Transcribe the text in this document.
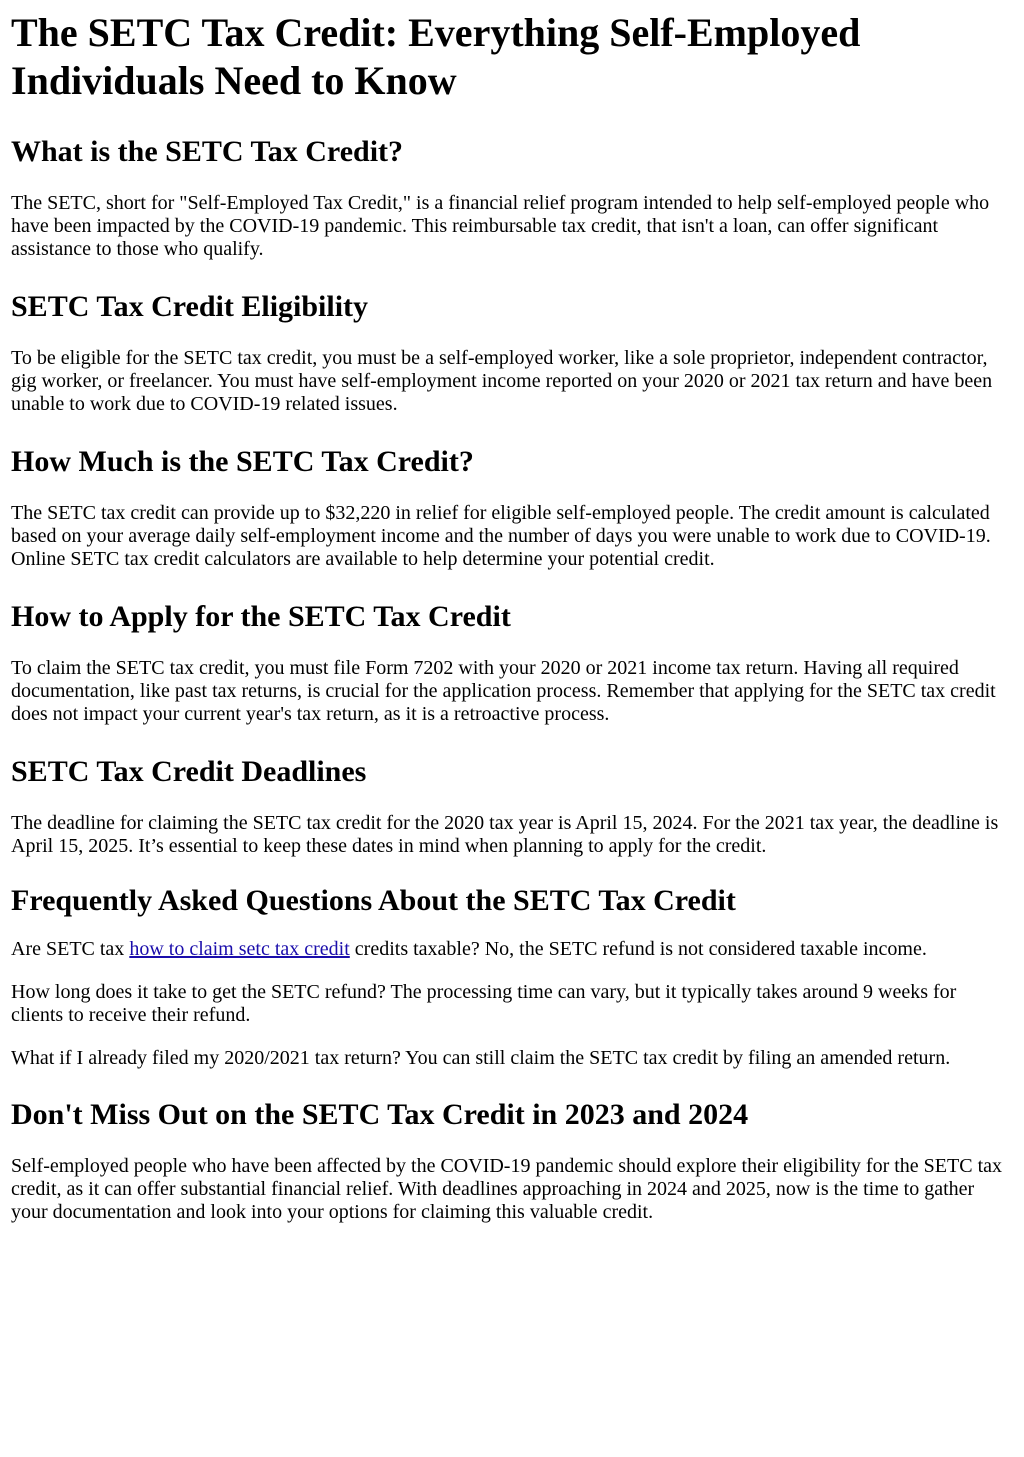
The SETC Tax Credit: Everything Self-Employed Individuals Need to Know
What is the SETC Tax Credit?

The SETC, short for "Self-Employed Tax Credit," is a financial relief program intended to help self-employed people who have been impacted by the COVID-19 pandemic. This reimbursable tax credit, that isn't a loan, can offer significant assistance to those who qualify.

SETC Tax Credit Eligibility

To be eligible for the SETC tax credit, you must be a self-employed worker, like a sole proprietor, independent contractor, gig worker, or freelancer. You must have self-employment income reported on your 2020 or 2021 tax return and have been unable to work due to COVID-19 related issues.

How Much is the SETC Tax Credit?

The SETC tax credit can provide up to $32,220 in relief for eligible self-employed people. The credit amount is calculated based on your average daily self-employment income and the number of days you were unable to work due to COVID-19. Online SETC tax credit calculators are available to help determine your potential credit.

How to Apply for the SETC Tax Credit

To claim the SETC tax credit, you must file Form 7202 with your 2020 or 2021 income tax return. Having all required documentation, like past tax returns, is crucial for the application process. Remember that applying for the SETC tax credit does not impact your current year's tax return, as it is a retroactive process.

SETC Tax Credit Deadlines

The deadline for claiming the SETC tax credit for the 2020 tax year is April 15, 2024. For the 2021 tax year, the deadline is April 15, 2025. It’s essential to keep these dates in mind when planning to apply for the credit.

Frequently Asked Questions About the SETC Tax Credit

Are SETC tax how to claim setc tax credit credits taxable? No, the SETC refund is not considered taxable income.

How long does it take to get the SETC refund? The processing time can vary, but it typically takes around 9 weeks for clients to receive their refund.

What if I already filed my 2020/2021 tax return? You can still claim the SETC tax credit by filing an amended return.

Don't Miss Out on the SETC Tax Credit in 2023 and 2024

Self-employed people who have been affected by the COVID-19 pandemic should explore their eligibility for the SETC tax credit, as it can offer substantial financial relief. With deadlines approaching in 2024 and 2025, now is the time to gather your documentation and look into your options for claiming this valuable credit.
